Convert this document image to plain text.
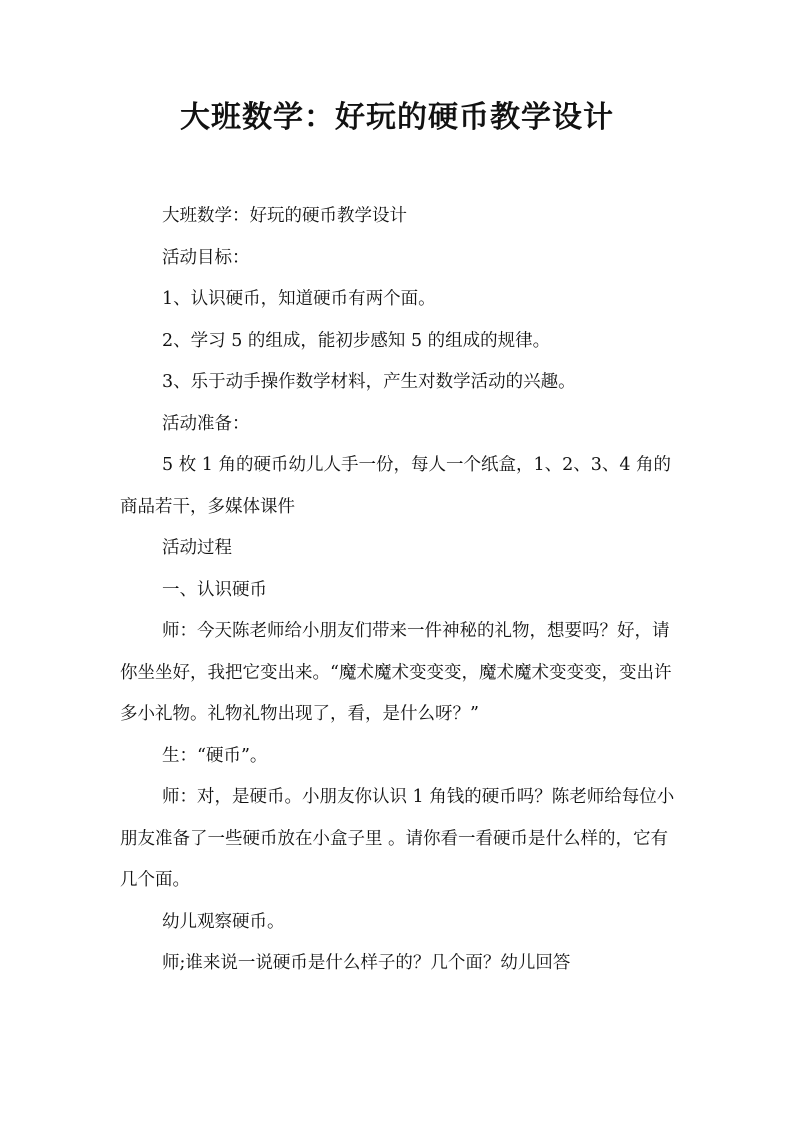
大班数学：好玩的硬币教学设计

大班数学：好玩的硬币教学设计

活动目标：

1、认识硬币，知道硬币有两个面。

2、学习 5 的组成，能初步感知 5 的组成的规律。

3、乐于动手操作数学材料，产生对数学活动的兴趣。

活动准备：

5 枚 1 角的硬币幼儿人手一份，每人一个纸盒，1、2、3、4 角的商品若干，多媒体课件

活动过程

一、认识硬币

师：今天陈老师给小朋友们带来一件神秘的礼物，想要吗？好，请你坐坐好，我把它变出来。“魔术魔术变变变，魔术魔术变变变，变出许多小礼物。礼物礼物出现了，看，是什么呀？”

生：“硬币”。

师：对，是硬币。小朋友你认识 1 角钱的硬币吗？陈老师给每位小朋友准备了一些硬币放在小盒子里 。请你看一看硬币是什么样的，它有几个面。

幼儿观察硬币。

师;谁来说一说硬币是什么样子的？几个面？幼儿回答
